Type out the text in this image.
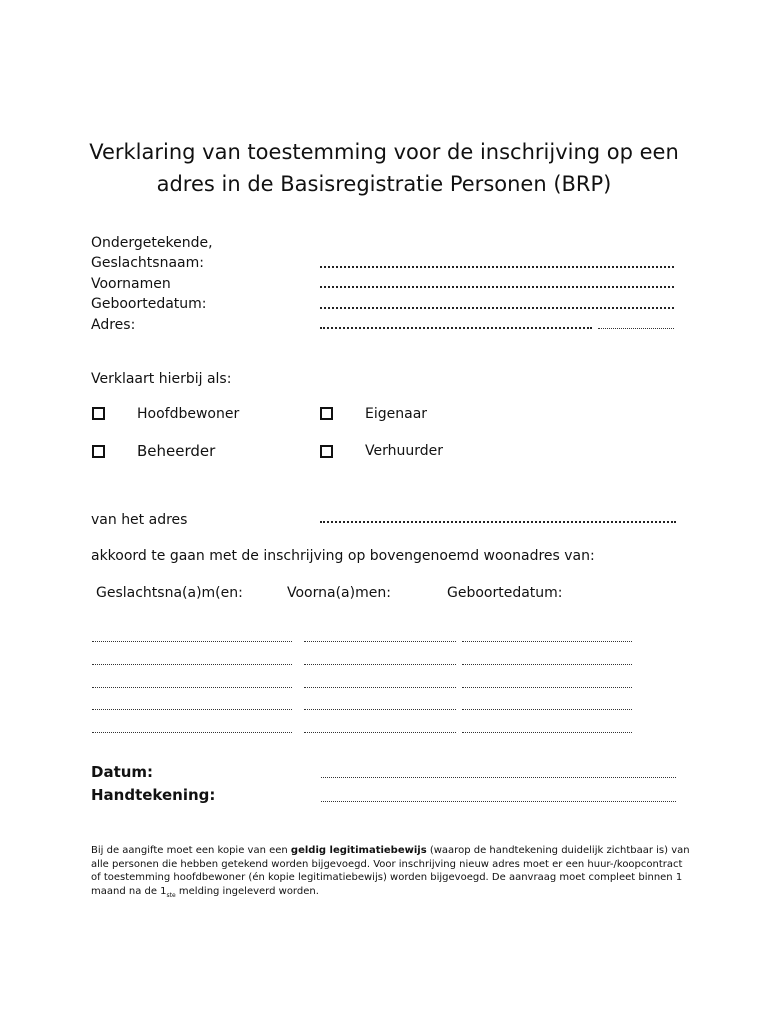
Verklaring van toestemming voor de inschrijving op een
adres in de Basisregistratie Personen (BRP)
Ondergetekende,
Geslachtsnaam:
Voornamen
Geboortedatum:
Adres:
Verklaart hierbij als:
Hoofdbewoner	Eigenaar
Beheerder	Verhuurder
van het adres
akkoord te gaan met de inschrijving op bovengenoemd woonadres van:
Geslachtsna(a)m(en:	Voorna(a)men:	Geboortedatum:
Datum:
Handtekening:
Bij de aangifte moet een kopie van een geldig legitimatiebewijs (waarop de handtekening duidelijk zichtbaar is) van alle personen die hebben getekend worden bijgevoegd. Voor inschrijving nieuw adres moet er een huur-/koopcontract of toestemming hoofdbewoner (én kopie legitimatiebewijs) worden bijgevoegd. De aanvraag moet compleet binnen 1 maand na de 1ste melding ingeleverd worden.
